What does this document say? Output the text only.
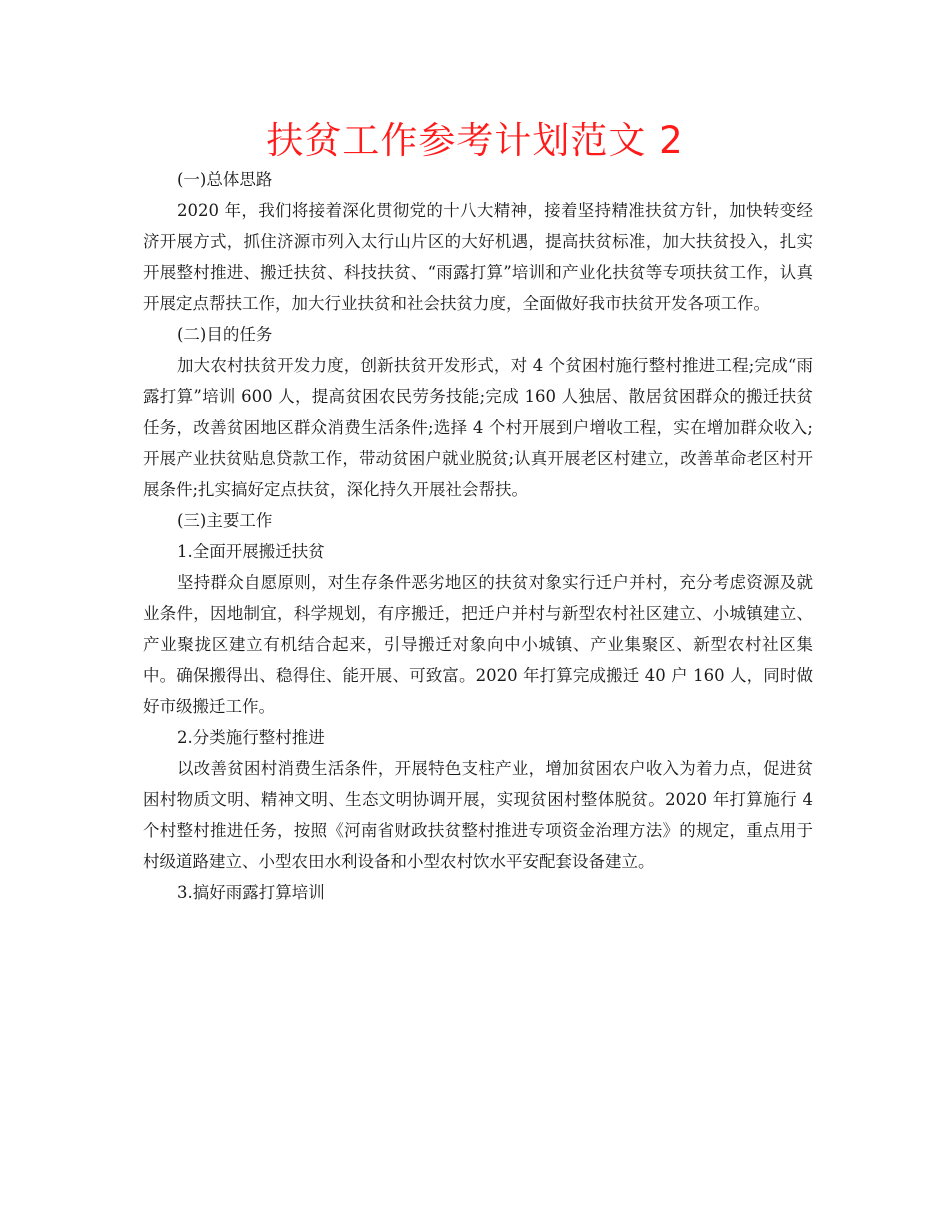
扶贫工作参考计划范文 2

(一)总体思路

2020 年，我们将接着深化贯彻党的十八大精神，接着坚持精准扶贫方针，加快转变经济开展方式，抓住济源市列入太行山片区的大好机遇，提高扶贫标准，加大扶贫投入，扎实开展整村推进、搬迁扶贫、科技扶贫、“雨露打算”培训和产业化扶贫等专项扶贫工作，认真开展定点帮扶工作，加大行业扶贫和社会扶贫力度，全面做好我市扶贫开发各项工作。

(二)目的任务

加大农村扶贫开发力度，创新扶贫开发形式，对 4 个贫困村施行整村推进工程;完成“雨露打算”培训 600 人，提高贫困农民劳务技能;完成 160 人独居、散居贫困群众的搬迁扶贫任务，改善贫困地区群众消费生活条件;选择 4 个村开展到户增收工程，实在增加群众收入;开展产业扶贫贴息贷款工作，带动贫困户就业脱贫;认真开展老区村建立，改善革命老区村开展条件;扎实搞好定点扶贫，深化持久开展社会帮扶。

(三)主要工作

1.全面开展搬迁扶贫

坚持群众自愿原则，对生存条件恶劣地区的扶贫对象实行迁户并村，充分考虑资源及就业条件，因地制宜，科学规划，有序搬迁，把迁户并村与新型农村社区建立、小城镇建立、产业聚拢区建立有机结合起来，引导搬迁对象向中小城镇、产业集聚区、新型农村社区集中。确保搬得出、稳得住、能开展、可致富。2020 年打算完成搬迁 40 户 160 人，同时做好市级搬迁工作。

2.分类施行整村推进

以改善贫困村消费生活条件，开展特色支柱产业，增加贫困农户收入为着力点，促进贫困村物质文明、精神文明、生态文明协调开展，实现贫困村整体脱贫。2020 年打算施行 4 个村整村推进任务，按照《河南省财政扶贫整村推进专项资金治理方法》的规定，重点用于村级道路建立、小型农田水利设备和小型农村饮水平安配套设备建立。

3.搞好雨露打算培训
